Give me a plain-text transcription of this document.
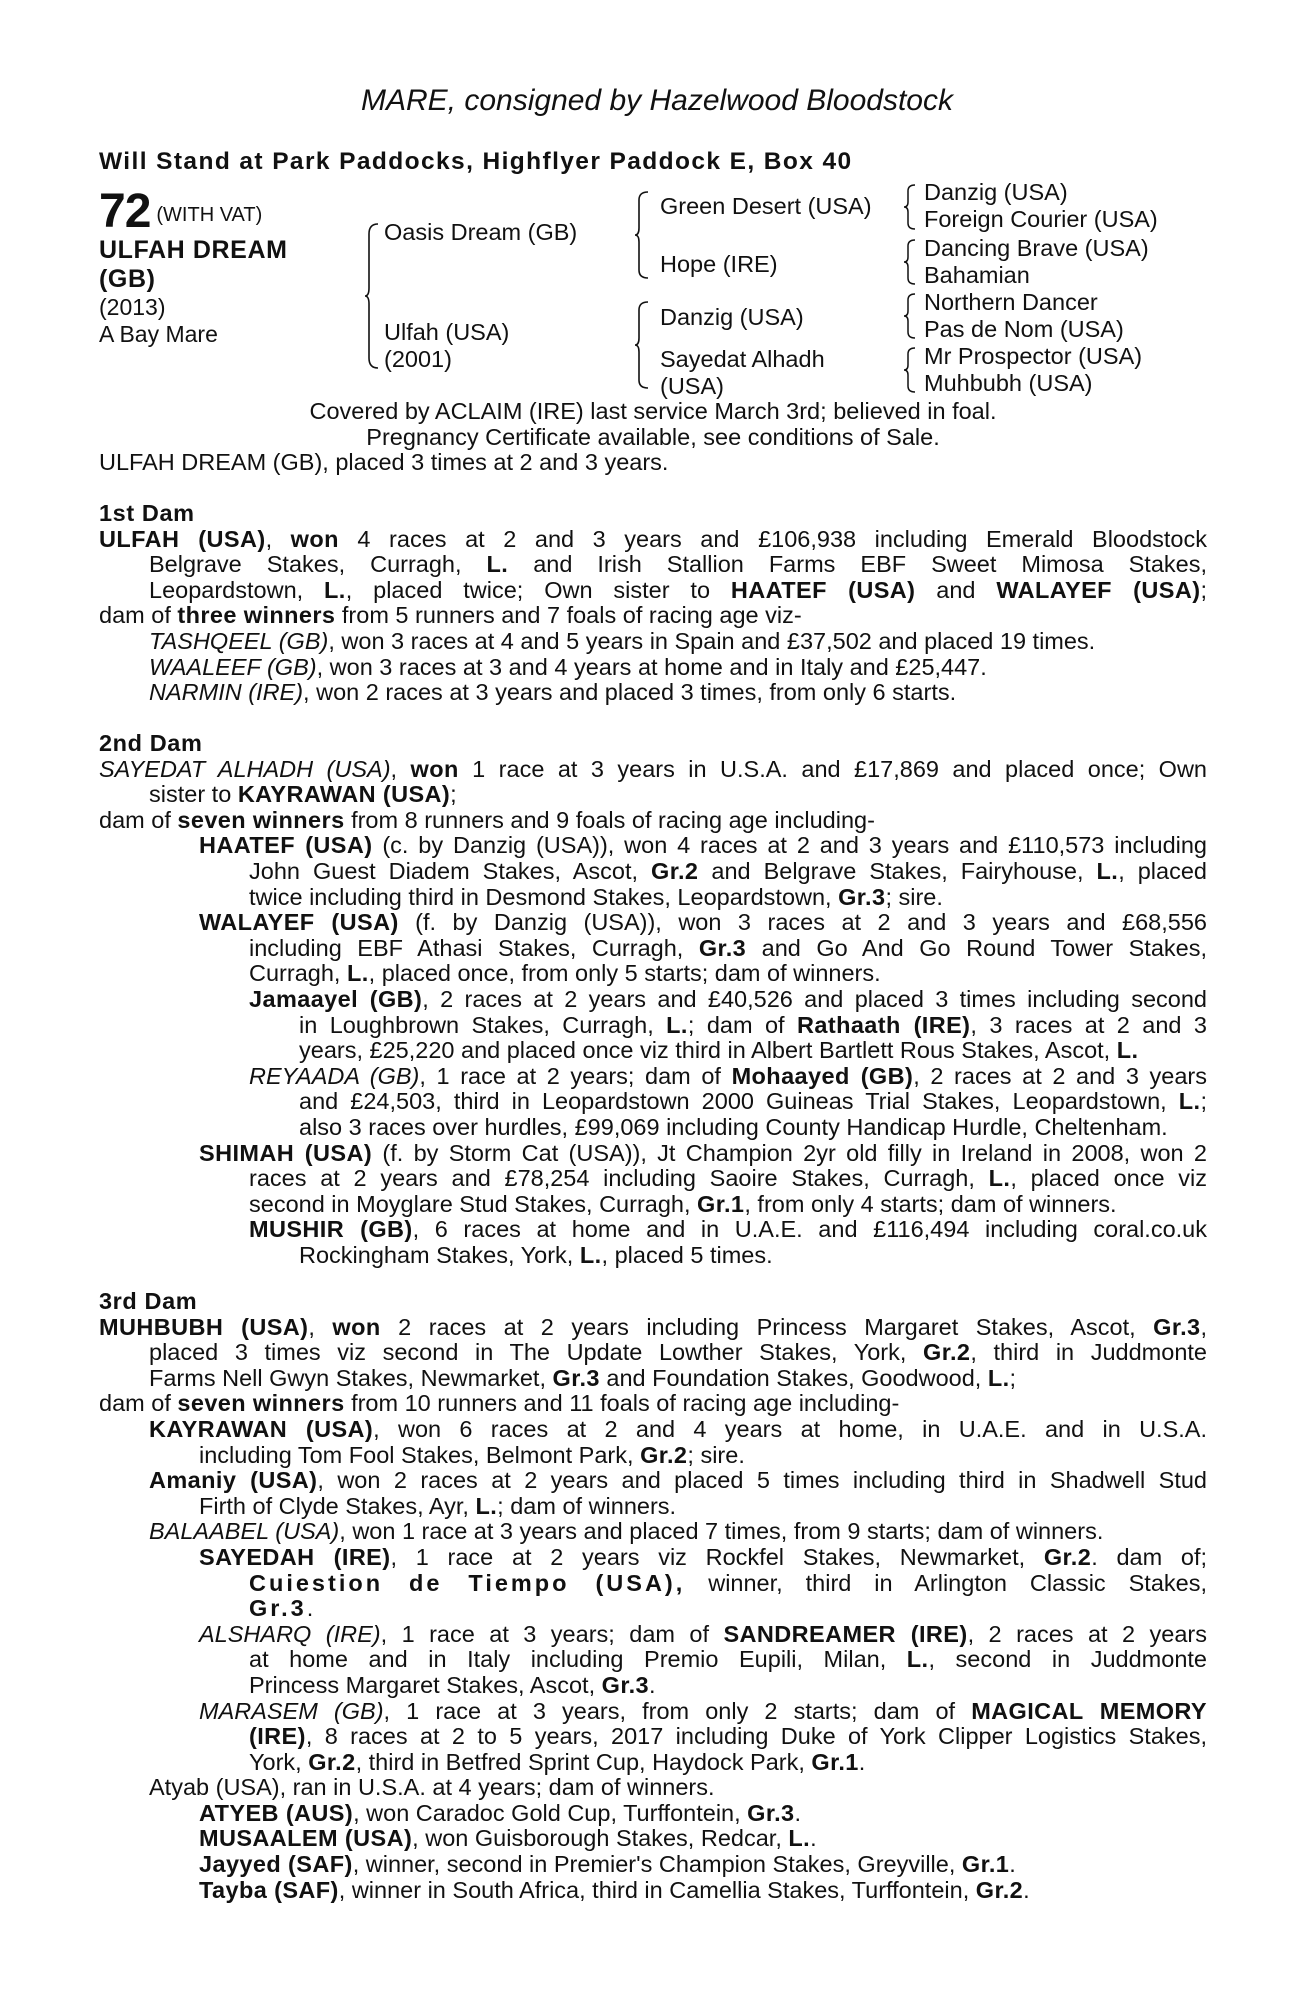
MARE, consigned by Hazelwood Bloodstock
Will Stand at Park Paddocks, Highflyer Paddock E, Box 40
72 (WITH VAT)
ULFAH DREAM
(GB)
(2013)
A Bay Mare
Oasis Dream (GB)
Ulfah (USA)
(2001)
Green Desert (USA)
Hope (IRE)
Danzig (USA)
Sayedat Alhadh
(USA)
Danzig (USA)
Foreign Courier (USA)
Dancing Brave (USA)
Bahamian
Northern Dancer
Pas de Nom (USA)
Mr Prospector (USA)
Muhbubh (USA)
Covered by ACLAIM (IRE) last service March 3rd; believed in foal.
Pregnancy Certificate available, see conditions of Sale.
ULFAH DREAM (GB), placed 3 times at 2 and 3 years.
1st Dam
ULFAH (USA), won 4 races at 2 and 3 years and £106,938 including Emerald Bloodstock
Belgrave Stakes, Curragh, L. and Irish Stallion Farms EBF Sweet Mimosa Stakes,
Leopardstown, L., placed twice; Own sister to HAATEF (USA) and WALAYEF (USA);
dam of three winners from 5 runners and 7 foals of racing age viz-
TASHQEEL (GB), won 3 races at 4 and 5 years in Spain and £37,502 and placed 19 times.
WAALEEF (GB), won 3 races at 3 and 4 years at home and in Italy and £25,447.
NARMIN (IRE), won 2 races at 3 years and placed 3 times, from only 6 starts.
2nd Dam
SAYEDAT ALHADH (USA), won 1 race at 3 years in U.S.A. and £17,869 and placed once; Own
sister to KAYRAWAN (USA);
dam of seven winners from 8 runners and 9 foals of racing age including-
HAATEF (USA) (c. by Danzig (USA)), won 4 races at 2 and 3 years and £110,573 including
John Guest Diadem Stakes, Ascot, Gr.2 and Belgrave Stakes, Fairyhouse, L., placed
twice including third in Desmond Stakes, Leopardstown, Gr.3; sire.
WALAYEF (USA) (f. by Danzig (USA)), won 3 races at 2 and 3 years and £68,556
including EBF Athasi Stakes, Curragh, Gr.3 and Go And Go Round Tower Stakes,
Curragh, L., placed once, from only 5 starts; dam of winners.
Jamaayel (GB), 2 races at 2 years and £40,526 and placed 3 times including second
in Loughbrown Stakes, Curragh, L.; dam of Rathaath (IRE), 3 races at 2 and 3
years, £25,220 and placed once viz third in Albert Bartlett Rous Stakes, Ascot, L.
REYAADA (GB), 1 race at 2 years; dam of Mohaayed (GB), 2 races at 2 and 3 years
and £24,503, third in Leopardstown 2000 Guineas Trial Stakes, Leopardstown, L.;
also 3 races over hurdles, £99,069 including County Handicap Hurdle, Cheltenham.
SHIMAH (USA) (f. by Storm Cat (USA)), Jt Champion 2yr old filly in Ireland in 2008, won 2
races at 2 years and £78,254 including Saoire Stakes, Curragh, L., placed once viz
second in Moyglare Stud Stakes, Curragh, Gr.1, from only 4 starts; dam of winners.
MUSHIR (GB), 6 races at home and in U.A.E. and £116,494 including coral.co.uk
Rockingham Stakes, York, L., placed 5 times.
3rd Dam
MUHBUBH (USA), won 2 races at 2 years including Princess Margaret Stakes, Ascot, Gr.3,
placed 3 times viz second in The Update Lowther Stakes, York, Gr.2, third in Juddmonte
Farms Nell Gwyn Stakes, Newmarket, Gr.3 and Foundation Stakes, Goodwood, L.;
dam of seven winners from 10 runners and 11 foals of racing age including-
KAYRAWAN (USA), won 6 races at 2 and 4 years at home, in U.A.E. and in U.S.A.
including Tom Fool Stakes, Belmont Park, Gr.2; sire.
Amaniy (USA), won 2 races at 2 years and placed 5 times including third in Shadwell Stud
Firth of Clyde Stakes, Ayr, L.; dam of winners.
BALAABEL (USA), won 1 race at 3 years and placed 7 times, from 9 starts; dam of winners.
SAYEDAH (IRE), 1 race at 2 years viz Rockfel Stakes, Newmarket, Gr.2. dam of;
Cuiestion de Tiempo (USA), winner, third in Arlington Classic Stakes,
Gr.3.
ALSHARQ (IRE), 1 race at 3 years; dam of SANDREAMER (IRE), 2 races at 2 years
at home and in Italy including Premio Eupili, Milan, L., second in Juddmonte
Princess Margaret Stakes, Ascot, Gr.3.
MARASEM (GB), 1 race at 3 years, from only 2 starts; dam of MAGICAL MEMORY
(IRE), 8 races at 2 to 5 years, 2017 including Duke of York Clipper Logistics Stakes,
York, Gr.2, third in Betfred Sprint Cup, Haydock Park, Gr.1.
Atyab (USA), ran in U.S.A. at 4 years; dam of winners.
ATYEB (AUS), won Caradoc Gold Cup, Turffontein, Gr.3.
MUSAALEM (USA), won Guisborough Stakes, Redcar, L..
Jayyed (SAF), winner, second in Premier's Champion Stakes, Greyville, Gr.1.
Tayba (SAF), winner in South Africa, third in Camellia Stakes, Turffontein, Gr.2.
